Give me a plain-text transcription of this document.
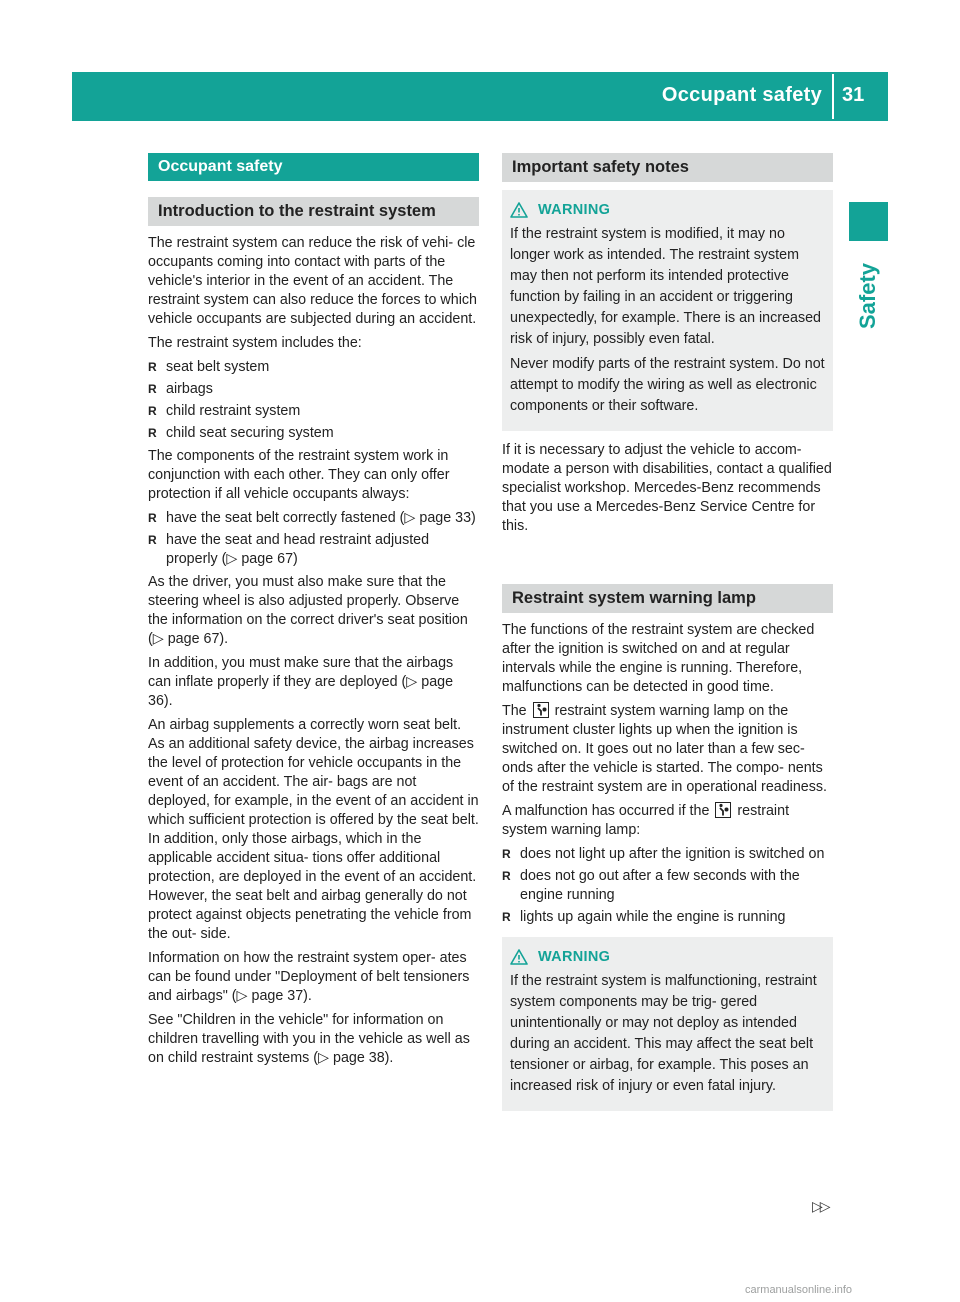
Occupant safety 31
Safety
Occupant safety
Introduction to the restraint system

The restraint system can reduce the risk of vehi- cle occupants coming into contact with parts of the vehicle's interior in the event of an accident. The restraint system can also reduce the forces to which vehicle occupants are subjected during an accident.

The restraint system includes the:

R seat belt system
R airbags
R child restraint system
R child seat securing system

The components of the restraint system work in conjunction with each other. They can only offer protection if all vehicle occupants always:

R have the seat belt correctly fastened (▷ page 33)
R have the seat and head restraint adjusted properly (▷ page 67)

As the driver, you must also make sure that the steering wheel is also adjusted properly. Observe the information on the correct driver's seat position (▷ page 67).

In addition, you must make sure that the airbags can inflate properly if they are deployed (▷ page 36).

An airbag supplements a correctly worn seat belt. As an additional safety device, the airbag increases the level of protection for vehicle occupants in the event of an accident. The air- bags are not deployed, for example, in the event of an accident in which sufficient protection is offered by the seat belt. In addition, only those airbags, which in the applicable accident situa- tions offer additional protection, are deployed in the event of an accident. However, the seat belt and airbag generally do not protect against objects penetrating the vehicle from the out- side.

Information on how the restraint system oper- ates can be found under "Deployment of belt tensioners and airbags" (▷ page 37).

See "Children in the vehicle" for information on children travelling with you in the vehicle as well as on child restraint systems (▷ page 38).

Important safety notes
WARNING

If the restraint system is modified, it may no longer work as intended. The restraint system may then not perform its intended protective function by failing in an accident or triggering unexpectedly, for example. There is an increased risk of injury, possibly even fatal.

Never modify parts of the restraint system. Do not attempt to modify the wiring as well as electronic components or their software.

If it is necessary to adjust the vehicle to accom- modate a person with disabilities, contact a qualified specialist workshop. Mercedes-Benz recommends that you use a Mercedes-Benz Service Centre for this.

Restraint system warning lamp

The functions of the restraint system are checked after the ignition is switched on and at regular intervals while the engine is running. Therefore, malfunctions can be detected in good time.

The restraint system warning lamp on the instrument cluster lights up when the ignition is switched on. It goes out no later than a few sec- onds after the vehicle is started. The compo- nents of the restraint system are in operational readiness.

A malfunction has occurred if the restraint system warning lamp:

R does not light up after the ignition is switched on
R does not go out after a few seconds with the engine running
R lights up again while the engine is running
WARNING

If the restraint system is malfunctioning, restraint system components may be trig- gered unintentionally or may not deploy as intended during an accident. This may affect the seat belt tensioner or airbag, for example. This poses an increased risk of injury or even fatal injury.

▷▷
carmanualsonline.info
